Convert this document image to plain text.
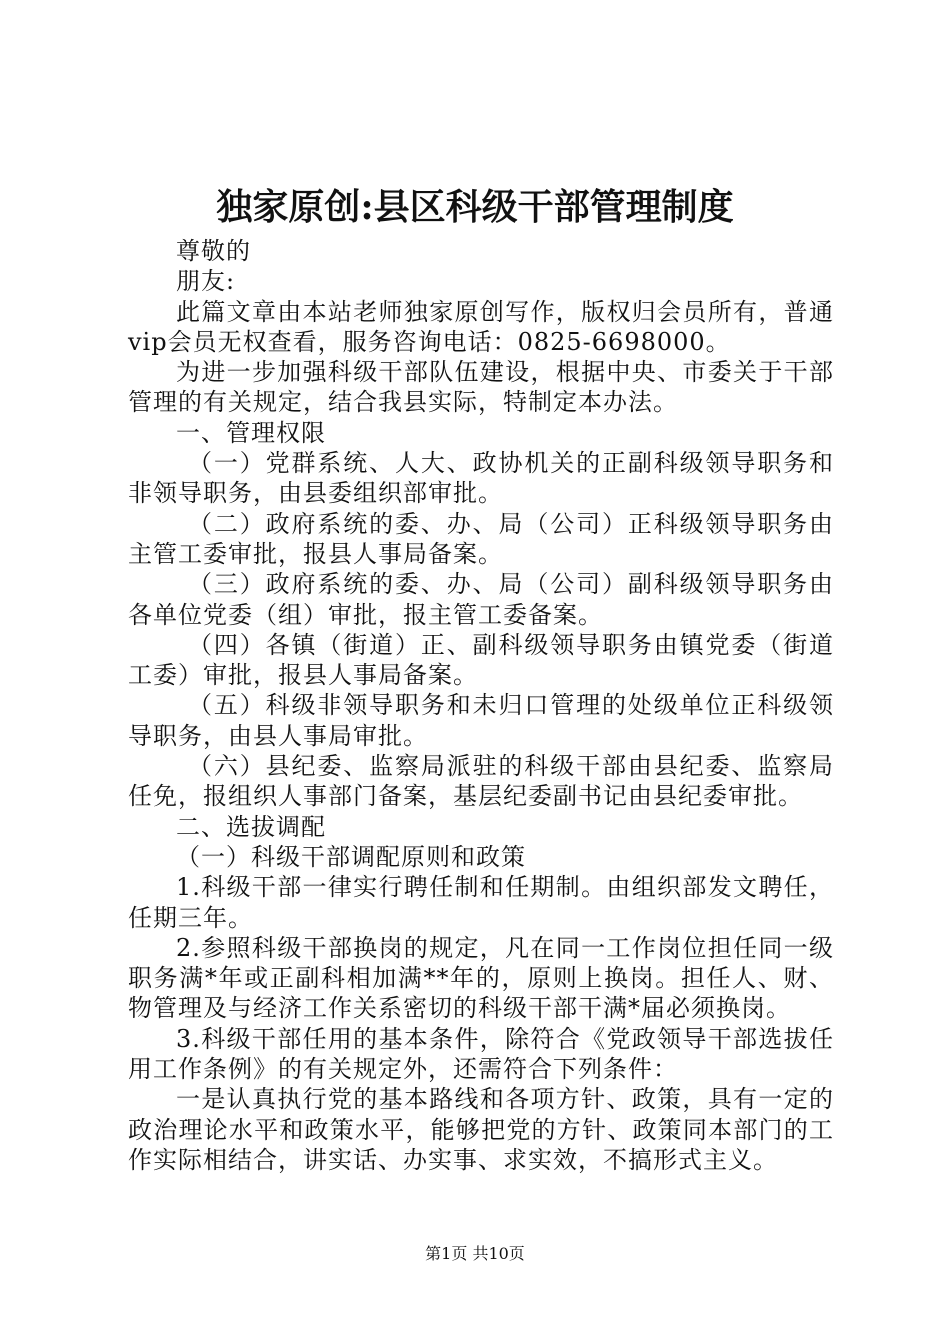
独家原创:县区科级干部管理制度

尊敬的

朋友:

此篇文章由本站老师独家原创写作，版权归会员所有，普通vip会员无权查看，服务咨询电话：0825-6698000。

为进一步加强科级干部队伍建设，根据中央、市委关于干部管理的有关规定，结合我县实际，特制定本办法。

一、管理权限

（一）党群系统、人大、政协机关的正副科级领导职务和非领导职务，由县委组织部审批。

（二）政府系统的委、办、局（公司）正科级领导职务由主管工委审批，报县人事局备案。

（三）政府系统的委、办、局（公司）副科级领导职务由各单位党委（组）审批，报主管工委备案。

（四）各镇（街道）正、副科级领导职务由镇党委（街道工委）审批，报县人事局备案。

（五）科级非领导职务和未归口管理的处级单位正科级领导职务，由县人事局审批。

（六）县纪委、监察局派驻的科级干部由县纪委、监察局任免，报组织人事部门备案，基层纪委副书记由县纪委审批。

二、选拔调配

（一）科级干部调配原则和政策

1.科级干部一律实行聘任制和任期制。由组织部发文聘任，任期三年。

2.参照科级干部换岗的规定，凡在同一工作岗位担任同一级职务满*年或正副科相加满**年的，原则上换岗。担任人、财、物管理及与经济工作关系密切的科级干部干满*届必须换岗。

3.科级干部任用的基本条件，除符合《党政领导干部选拔任用工作条例》的有关规定外，还需符合下列条件：

一是认真执行党的基本路线和各项方针、政策，具有一定的政治理论水平和政策水平，能够把党的方针、政策同本部门的工作实际相结合，讲实话、办实事、求实效，不搞形式主义。

第1页 共10页
